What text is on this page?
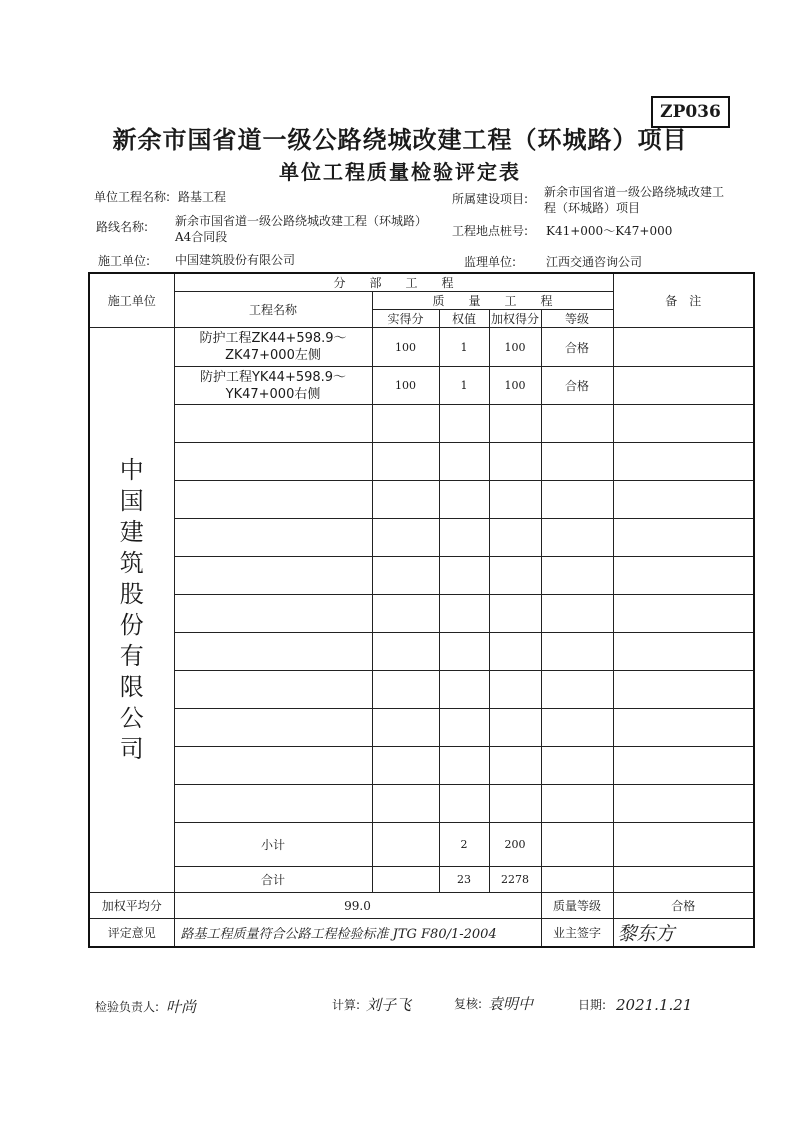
ZP036
新余市国省道一级公路绕城改建工程（环城路）项目
单位工程质量检验评定表
单位工程名称: 路基工程	所属建设项目: 新余市国省道一级公路绕城改建工
程（环城路）项目
路线名称: 新余市国省道一级公路绕城改建工程（环城路）
A4合同段	工程地点桩号: K41+000～K47+000
施工单位: 中国建筑股份有限公司	监理单位: 江西交通咨询公司
施工单位	分　　部　　工　　程					备　注
	工程名称	质　　量　　工　　程				
		实得分	权值	加权得分	等级	

中国建筑股份有限公司	防护工程ZK44+598.9～
ZK47+000左侧	100	1	100	合格	

	防护工程YK44+598.9～
YK47+000右侧	100	1	100	合格	

	小计		2	200		
	合计		23	2278		
加权平均分	99.0				质量等级	合格
评定意见	路基工程质量符合公路工程检验标准 JTG F80/1-2004				业主签字	黎东方
检验负责人: 叶尚	计算: 刘子飞	复核: 袁明中	日期: 2021.1.21
